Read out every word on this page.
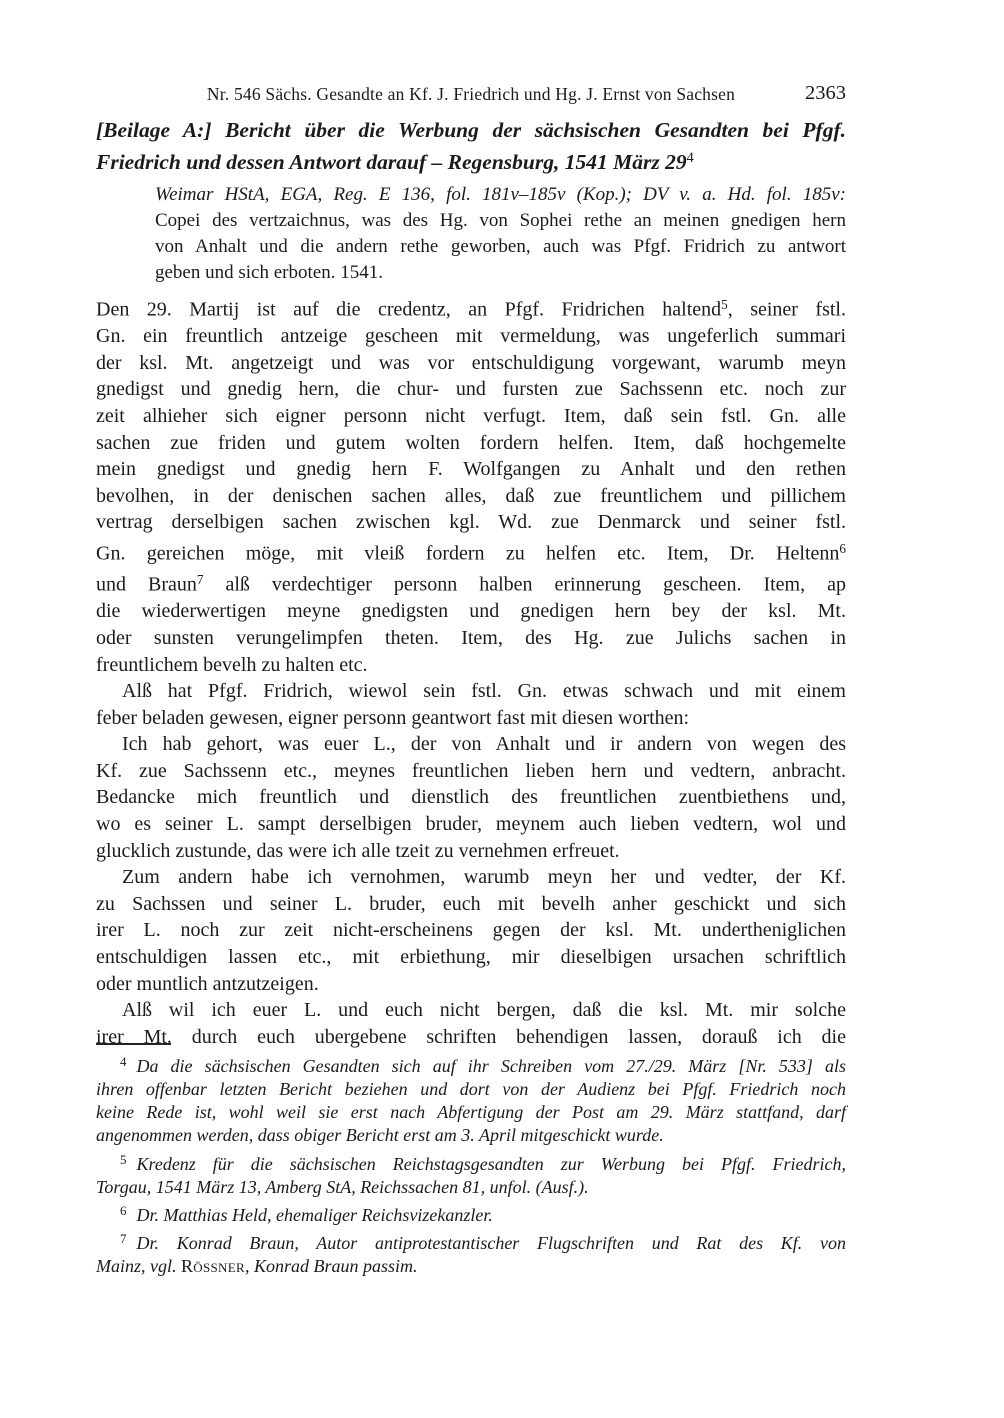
Nr. 546 Sächs. Gesandte an Kf. J. Friedrich und Hg. J. Ernst von Sachsen	2363
[Beilage A:] Bericht über die Werbung der sächsischen Gesandten bei Pfgf.
Friedrich und dessen Antwort darauf – Regensburg, 1541 März $29^4$
Weimar HStA, EGA, Reg. E 136, fol. 181v–185v (Kop.); DV v. a. Hd. fol. 185v:
Copei des vertzaichnus, was des Hg. von Sophei rethe an meinen gnedigen hern
von Anhalt und die andern rethe geworben, auch was Pfgf. Fridrich zu antwort
geben und sich erboten. 1541.
Den 29. Martij ist auf die credentz, an Pfgf. Fridrichen haltend$^5$, seiner fstl.
Gn. ein freuntlich antzeige gescheen mit vermeldung, was ungeferlich summari
der ksl. Mt. angetzeigt und was vor entschuldigung vorgewant, warumb meyn
gnedigst und gnedig hern, die chur- und fursten zue Sachssenn etc. noch zur
zeit alhieher sich eigner personn nicht verfugt. Item, daß sein fstl. Gn. alle
sachen zue friden und gutem wolten fordern helfen. Item, daß hochgemelte
mein gnedigst und gnedig hern F. Wolfgangen zu Anhalt und den rethen
bevolhen, in der denischen sachen alles, daß zue freuntlichem und pillichem
vertrag derselbigen sachen zwischen kgl. Wd. zue Denmarck und seiner fstl.
Gn. gereichen möge, mit vleiß fordern zu helfen etc. Item, Dr. Heltenn$^6$
und Braun$^7$ alß verdechtiger personn halben erinnerung gescheen. Item, ap
die wiederwertigen meyne gnedigsten und gnedigen hern bey der ksl. Mt.
oder sunsten verungelimpfen theten. Item, des Hg. zue Julichs sachen in
freuntlichem bevelh zu halten etc.
Alß hat Pfgf. Fridrich, wiewol sein fstl. Gn. etwas schwach und mit einem
feber beladen gewesen, eigner personn geantwort fast mit diesen worthen:
Ich hab gehort, was euer L., der von Anhalt und ir andern von wegen des
Kf. zue Sachssenn etc., meynes freuntlichen lieben hern und vedtern, anbracht.
Bedancke mich freuntlich und dienstlich des freuntlichen zuentbiethens und,
wo es seiner L. sampt derselbigen bruder, meynem auch lieben vedtern, wol und
glucklich zustunde, das were ich alle tzeit zu vernehmen erfreuet.
Zum andern habe ich vernohmen, warumb meyn her und vedter, der Kf.
zu Sachssen und seiner L. bruder, euch mit bevelh anher geschickt und sich
irer L. noch zur zeit nicht-erscheinens gegen der ksl. Mt. undertheniglichen
entschuldigen lassen etc., mit erbiethung, mir dieselbigen ursachen schriftlich
oder muntlich antzutzeigen.
Alß wil ich euer L. und euch nicht bergen, daß die ksl. Mt. mir solche
irer Mt. durch euch ubergebene schriften behendigen lassen, dorauß ich die
$^4$ Da die sächsischen Gesandten sich auf ihr Schreiben vom 27./29. März [Nr. 533] als
ihren offenbar letzten Bericht beziehen und dort von der Audienz bei Pfgf. Friedrich noch
keine Rede ist, wohl weil sie erst nach Abfertigung der Post am 29. März stattfand, darf
angenommen werden, dass obiger Bericht erst am 3. April mitgeschickt wurde.
$^5$ Kredenz für die sächsischen Reichstagsgesandten zur Werbung bei Pfgf. Friedrich,
Torgau, 1541 März 13, Amberg StA, Reichssachen 81, unfol. (Ausf.).
$^6$ Dr. Matthias Held, ehemaliger Reichsvizekanzler.
$^7$ Dr. Konrad Braun, Autor antiprotestantischer Flugschriften und Rat des Kf. von
Mainz, vgl. Rössner, Konrad Braun passim.
